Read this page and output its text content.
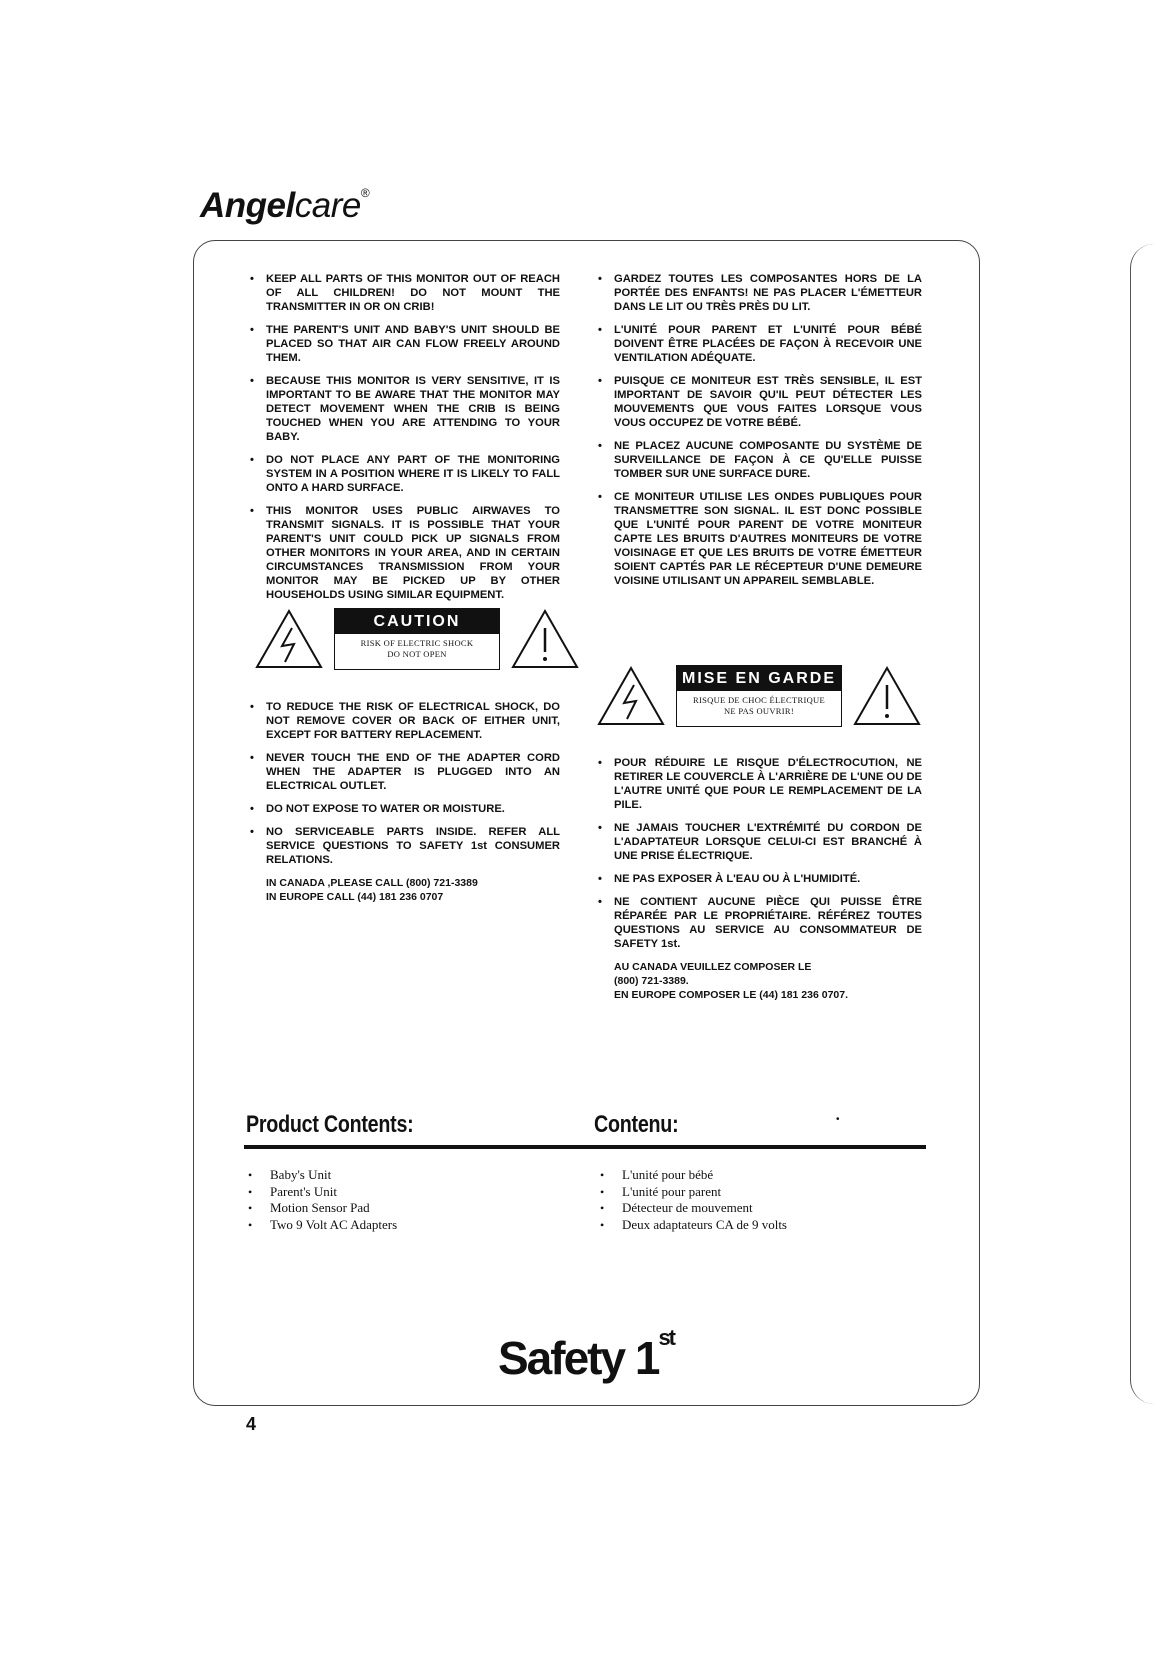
Angelcare®
• KEEP ALL PARTS OF THIS MONITOR OUT OF REACH OF ALL CHILDREN! DO NOT MOUNT THE TRANSMITTER IN OR ON CRIB!
• THE PARENT'S UNIT AND BABY'S UNIT SHOULD BE PLACED SO THAT AIR CAN FLOW FREELY AROUND THEM.
• BECAUSE THIS MONITOR IS VERY SENSITIVE, IT IS IMPORTANT TO BE AWARE THAT THE MONITOR MAY DETECT MOVEMENT WHEN THE CRIB IS BEING TOUCHED WHEN YOU ARE ATTENDING TO YOUR BABY.
• DO NOT PLACE ANY PART OF THE MONITORING SYSTEM IN A POSITION WHERE IT IS LIKELY TO FALL ONTO A HARD SURFACE.
• THIS MONITOR USES PUBLIC AIRWAVES TO TRANSMIT SIGNALS. IT IS POSSIBLE THAT YOUR PARENT'S UNIT COULD PICK UP SIGNALS FROM OTHER MONITORS IN YOUR AREA, AND IN CERTAIN CIRCUMSTANCES TRANSMISSION FROM YOUR MONITOR MAY BE PICKED UP BY OTHER HOUSEHOLDS USING SIMILAR EQUIPMENT.
CAUTION
RISK OF ELECTRIC SHOCK
DO NOT OPEN
• TO REDUCE THE RISK OF ELECTRICAL SHOCK, DO NOT REMOVE COVER OR BACK OF EITHER UNIT, EXCEPT FOR BATTERY REPLACEMENT.
• NEVER TOUCH THE END OF THE ADAPTER CORD WHEN THE ADAPTER IS PLUGGED INTO AN ELECTRICAL OUTLET.
• DO NOT EXPOSE TO WATER OR MOISTURE.
• NO SERVICEABLE PARTS INSIDE. REFER ALL SERVICE QUESTIONS TO SAFETY 1st CONSUMER RELATIONS.
IN CANADA ,PLEASE CALL (800) 721-3389
IN EUROPE CALL (44) 181 236 0707
• GARDEZ TOUTES LES COMPOSANTES HORS DE LA PORTÉE DES ENFANTS! NE PAS PLACER L'ÉMETTEUR DANS LE LIT OU TRÈS PRÈS DU LIT.
• L'UNITÉ POUR PARENT ET L'UNITÉ POUR BÉBÉ DOIVENT ÊTRE PLACÉES DE FAÇON À RECEVOIR UNE VENTILATION ADÉQUATE.
• PUISQUE CE MONITEUR EST TRÈS SENSIBLE, IL EST IMPORTANT DE SAVOIR QU'IL PEUT DÉTECTER LES MOUVEMENTS QUE VOUS FAITES LORSQUE VOUS VOUS OCCUPEZ DE VOTRE BÉBÉ.
• NE PLACEZ AUCUNE COMPOSANTE DU SYSTÈME DE SURVEILLANCE DE FAÇON À CE QU'ELLE PUISSE TOMBER SUR UNE SURFACE DURE.
• CE MONITEUR UTILISE LES ONDES PUBLIQUES POUR TRANSMETTRE SON SIGNAL. IL EST DONC POSSIBLE QUE L'UNITÉ POUR PARENT DE VOTRE MONITEUR CAPTE LES BRUITS D'AUTRES MONITEURS DE VOTRE VOISINAGE ET QUE LES BRUITS DE VOTRE ÉMETTEUR SOIENT CAPTÉS PAR LE RÉCEPTEUR D'UNE DEMEURE VOISINE UTILISANT UN APPAREIL SEMBLABLE.
MISE EN GARDE
RISQUE DE CHOC ÉLECTRIQUE
NE PAS OUVRIR!
• POUR RÉDUIRE LE RISQUE D'ÉLECTROCUTION, NE RETIRER LE COUVERCLE À L'ARRIÈRE DE L'UNE OU DE L'AUTRE UNITÉ QUE POUR LE REMPLACEMENT DE LA PILE.
• NE JAMAIS TOUCHER L'EXTRÉMITÉ DU CORDON DE L'ADAPTATEUR LORSQUE CELUI-CI EST BRANCHÉ À UNE PRISE ÉLECTRIQUE.
• NE PAS EXPOSER À L'EAU OU À L'HUMIDITÉ.
• NE CONTIENT AUCUNE PIÈCE QUI PUISSE ÊTRE RÉPARÉE PAR LE PROPRIÉTAIRE. RÉFÉREZ TOUTES QUESTIONS AU SERVICE AU CONSOMMATEUR DE SAFETY 1st.
AU CANADA VEUILLEZ COMPOSER LE
(800) 721-3389.
EN EUROPE COMPOSER LE (44) 181 236 0707.
Product Contents:	Contenu:	•
• Baby's Unit
• Parent's Unit
• Motion Sensor Pad
• Two 9 Volt AC Adapters
• L'unité pour bébé
• L'unité pour parent
• Détecteur de mouvement
• Deux adaptateurs CA de 9 volts
Safety 1st
4
